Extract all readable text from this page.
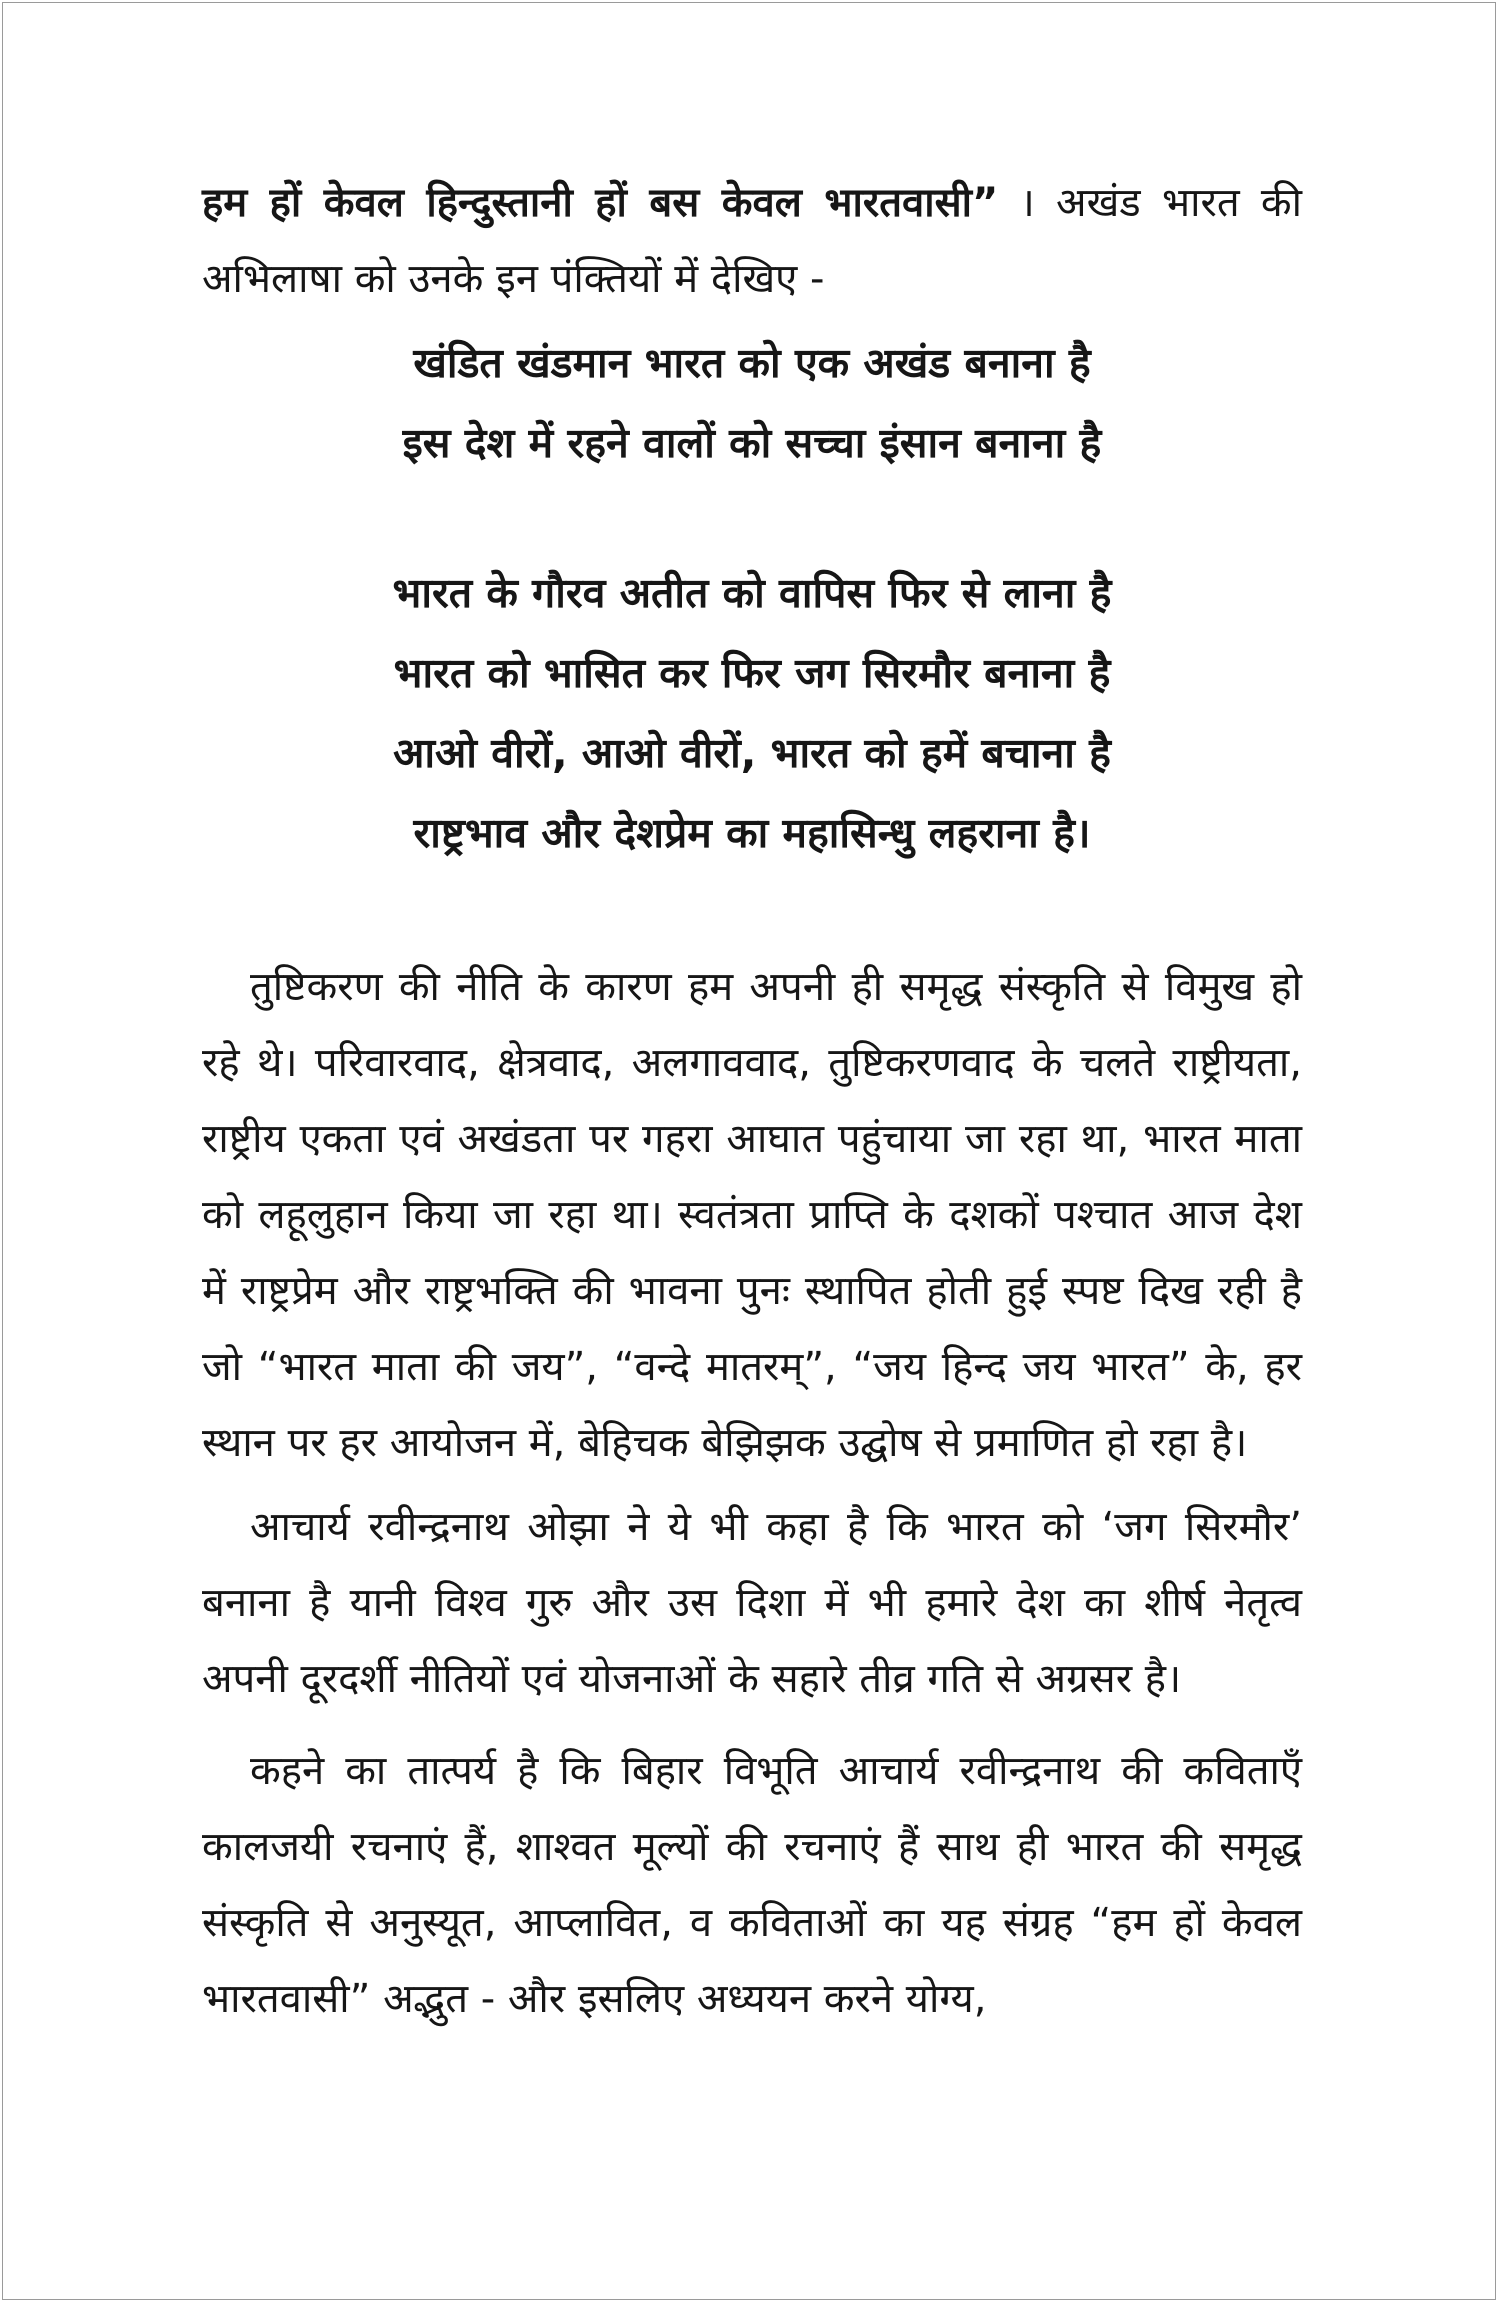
हम हों केवल हिन्दुस्तानी हों बस केवल भारतवासी” । अखंड भारत की अभिलाषा को उनके इन पंक्तियों में देखिए -

खंडित खंडमान भारत को एक अखंड बनाना है
इस देश में रहने वालों को सच्चा इंसान बनाना है
भारत के गौरव अतीत को वापिस फिर से लाना है
भारत को भासित कर फिर जग सिरमौर बनाना है
आओ वीरों, आओ वीरों, भारत को हमें बचाना है
राष्ट्रभाव और देशप्रेम का महासिन्धु लहराना है।

तुष्टिकरण की नीति के कारण हम अपनी ही समृद्ध संस्कृति से विमुख हो रहे थे। परिवारवाद, क्षेत्रवाद, अलगाववाद, तुष्टिकरणवाद के चलते राष्ट्रीयता, राष्ट्रीय एकता एवं अखंडता पर गहरा आघात पहुंचाया जा रहा था, भारत माता को लहूलुहान किया जा रहा था। स्वतंत्रता प्राप्ति के दशकों पश्चात आज देश में राष्ट्रप्रेम और राष्ट्रभक्ति की भावना पुनः स्थापित होती हुई स्पष्ट दिख रही है जो “भारत माता की जय”, “वन्दे मातरम्”, “जय हिन्द जय भारत” के, हर स्थान पर हर आयोजन में, बेहिचक बेझिझक उद्घोष से प्रमाणित हो रहा है।

आचार्य रवीन्द्रनाथ ओझा ने ये भी कहा है कि भारत को ‘जग सिरमौर’ बनाना है यानी विश्व गुरु और उस दिशा में भी हमारे देश का शीर्ष नेतृत्व अपनी दूरदर्शी नीतियों एवं योजनाओं के सहारे तीव्र गति से अग्रसर है।

कहने का तात्पर्य है कि बिहार विभूति आचार्य रवीन्द्रनाथ की कविताएँ कालजयी रचनाएं हैं, शाश्वत मूल्यों की रचनाएं हैं साथ ही भारत की समृद्ध संस्कृति से अनुस्यूत, आप्लावित, व कविताओं का यह संग्रह “हम हों केवल भारतवासी” अद्भुत - और इसलिए अध्ययन करने योग्य,
